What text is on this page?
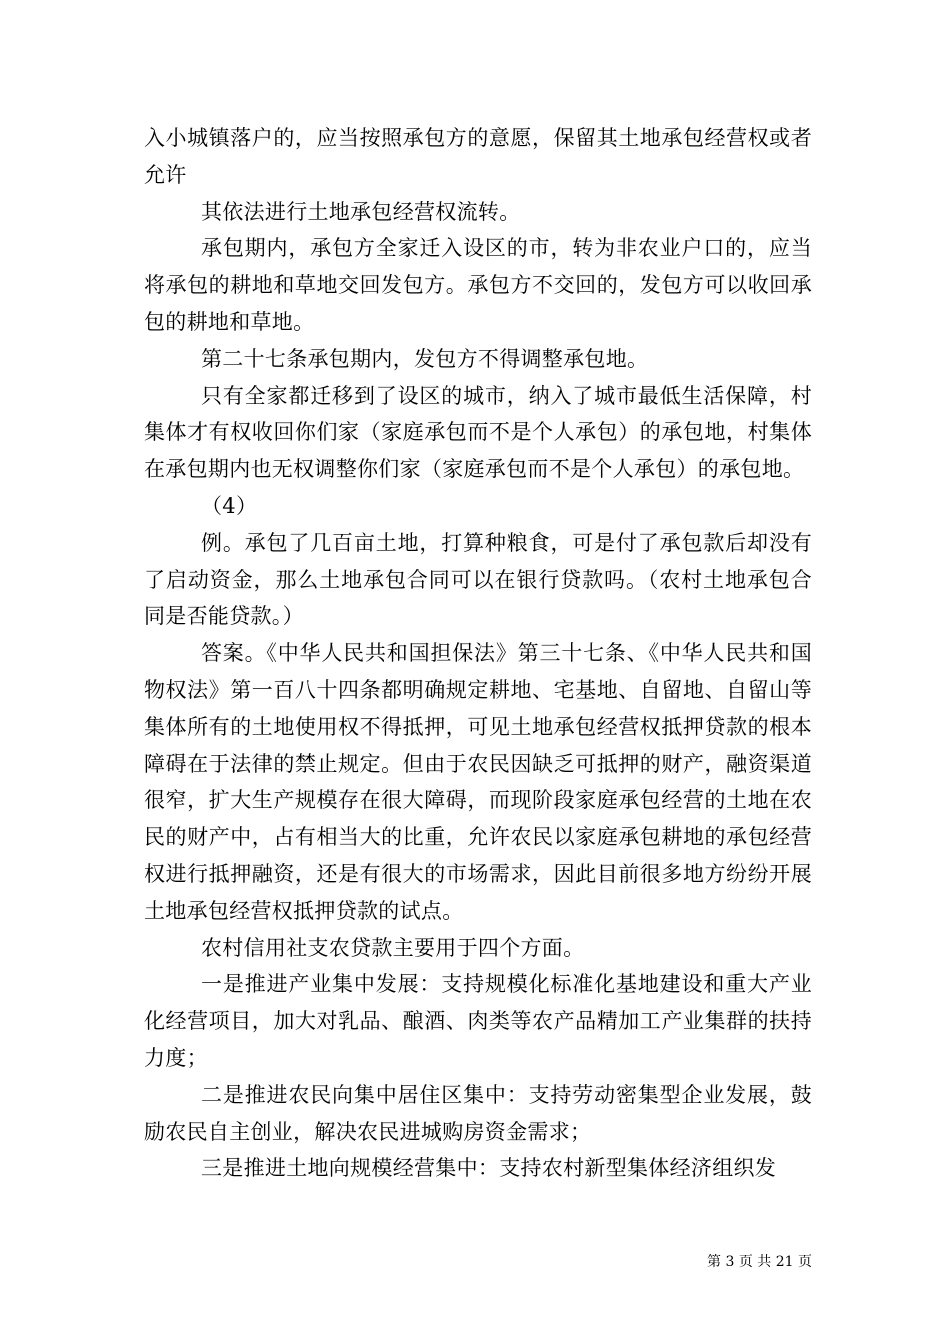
入小城镇落户的，应当按照承包方的意愿，保留其土地承包经营权或者允许

其依法进行土地承包经营权流转。

承包期内，承包方全家迁入设区的市，转为非农业户口的，应当将承包的耕地和草地交回发包方。承包方不交回的，发包方可以收回承包的耕地和草地。

第二十七条承包期内，发包方不得调整承包地。

只有全家都迁移到了设区的城市，纳入了城市最低生活保障，村集体才有权收回你们家（家庭承包而不是个人承包）的承包地，村集体在承包期内也无权调整你们家（家庭承包而不是个人承包）的承包地。

（4）

例。承包了几百亩土地，打算种粮食，可是付了承包款后却没有了启动资金，那么土地承包合同可以在银行贷款吗。（农村土地承包合同是否能贷款。）

答案。《中华人民共和国担保法》第三十七条、《中华人民共和国物权法》第一百八十四条都明确规定耕地、宅基地、自留地、自留山等集体所有的土地使用权不得抵押，可见土地承包经营权抵押贷款的根本障碍在于法律的禁止规定。但由于农民因缺乏可抵押的财产，融资渠道很窄，扩大生产规模存在很大障碍，而现阶段家庭承包经营的土地在农民的财产中，占有相当大的比重，允许农民以家庭承包耕地的承包经营权进行抵押融资，还是有很大的市场需求，因此目前很多地方纷纷开展土地承包经营权抵押贷款的试点。

农村信用社支农贷款主要用于四个方面。

一是推进产业集中发展：支持规模化标准化基地建设和重大产业化经营项目，加大对乳品、酿酒、肉类等农产品精加工产业集群的扶持力度；

二是推进农民向集中居住区集中：支持劳动密集型企业发展，鼓励农民自主创业，解决农民进城购房资金需求；

三是推进土地向规模经营集中：支持农村新型集体经济组织发

第 3 页 共 21 页
